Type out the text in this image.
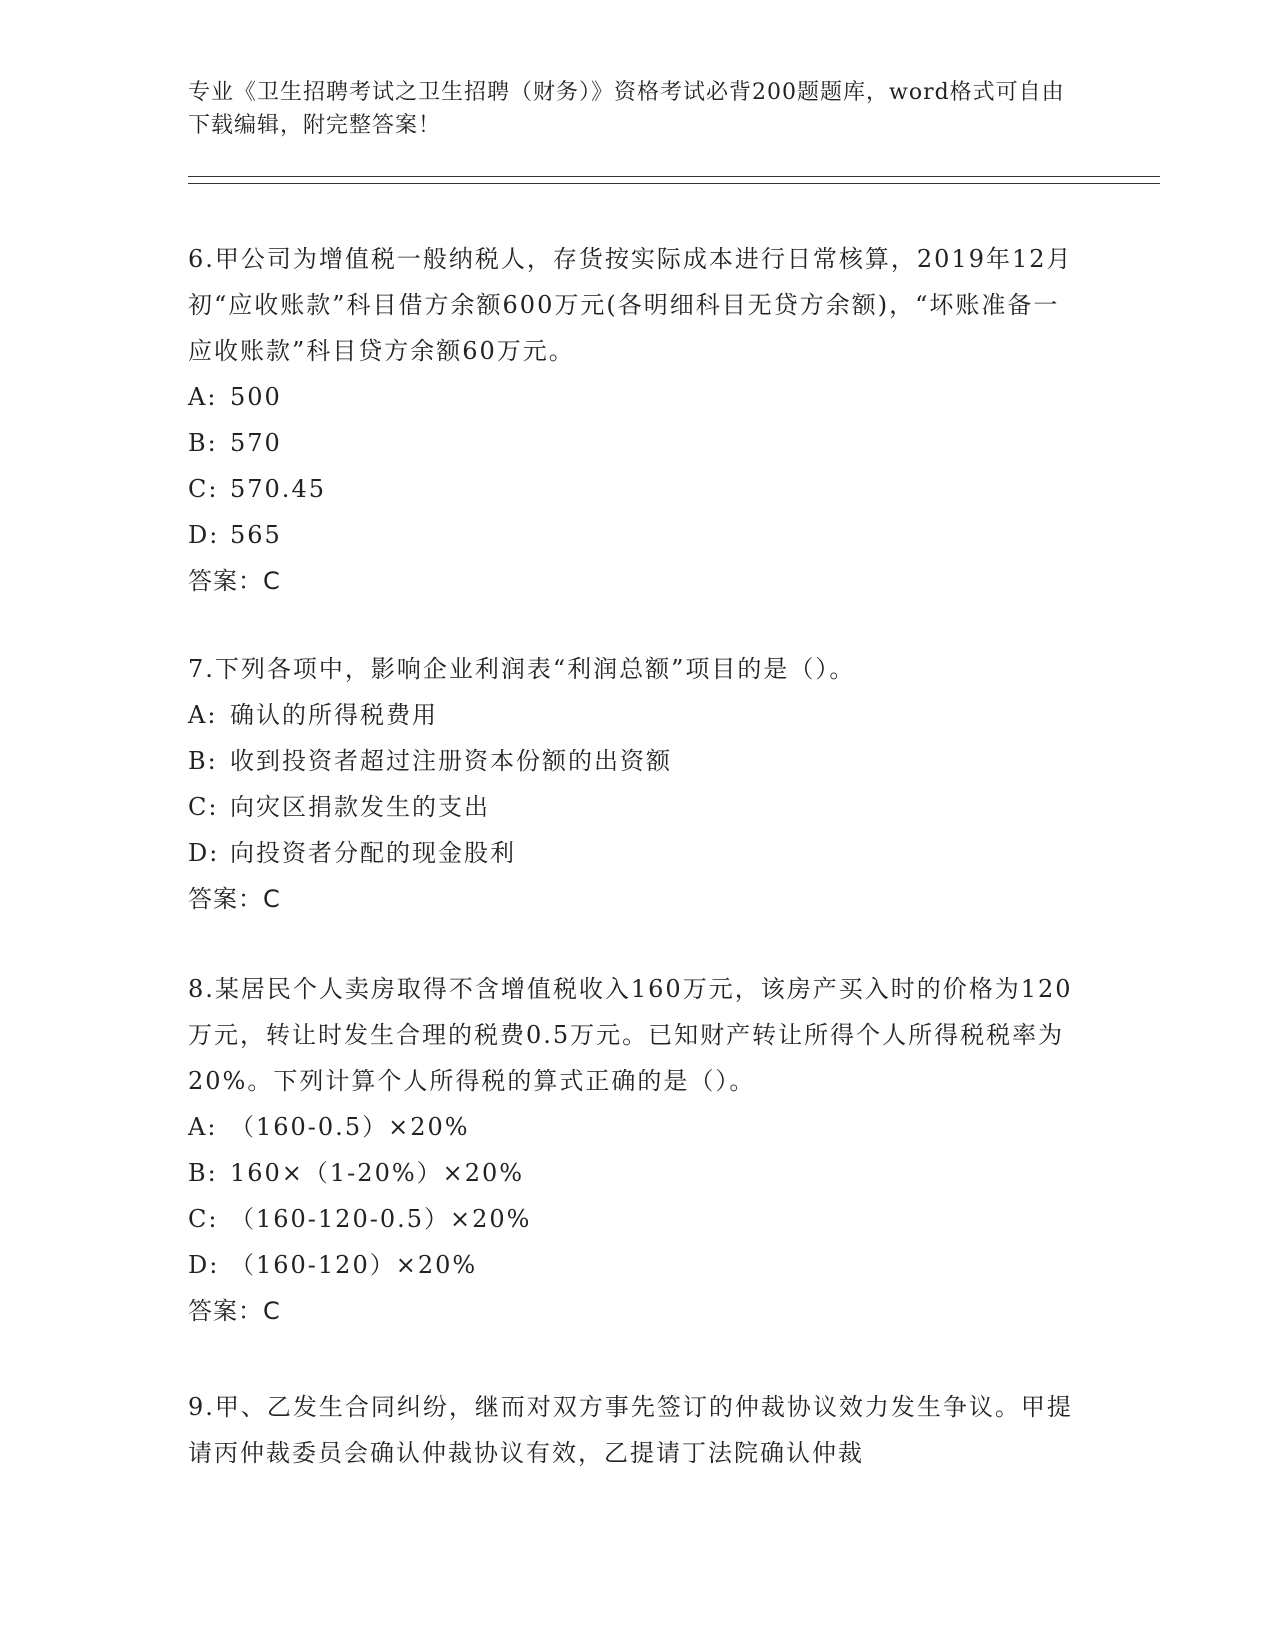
专业《卫生招聘考试之卫生招聘（财务）》资格考试必背200题题库，word格式可自由下载编辑，附完整答案！

6.甲公司为增值税一般纳税人，存货按实际成本进行日常核算，2019年12月初“应收账款”科目借方余额600万元(各明细科目无贷方余额)，“坏账准备一应收账款”科目贷方余额60万元。

A: 500

B: 570

C: 570.45

D: 565

答案：C

7.下列各项中，影响企业利润表“利润总额”项目的是（）。

A: 确认的所得税费用

B: 收到投资者超过注册资本份额的出资额

C: 向灾区捐款发生的支出

D: 向投资者分配的现金股利

答案：C

8.某居民个人卖房取得不含增值税收入160万元，该房产买入时的价格为120万元，转让时发生合理的税费0.5万元。已知财产转让所得个人所得税税率为20%。下列计算个人所得税的算式正确的是（）。

A: （160-0.5）×20%

B: 160×（1-20%）×20%

C: （160-120-0.5）×20%

D: （160-120）×20%

答案：C

9.甲、乙发生合同纠纷，继而对双方事先签订的仲裁协议效力发生争议。甲提请丙仲裁委员会确认仲裁协议有效，乙提请丁法院确认仲裁
